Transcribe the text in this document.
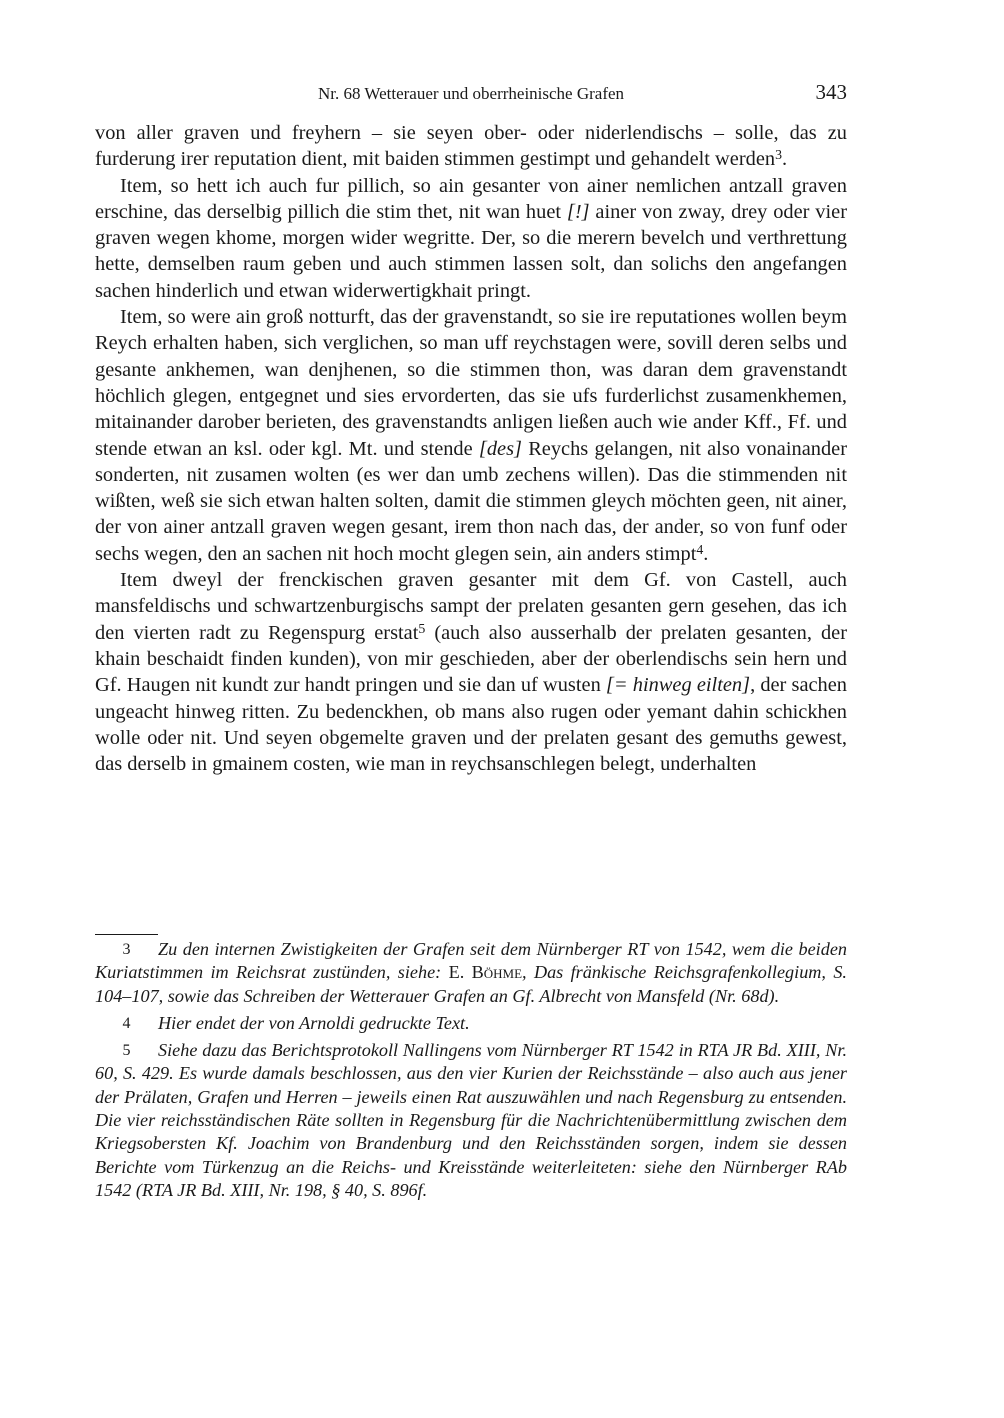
Nr. 68 Wetterauer und oberrheinische Grafen	343

von aller graven und freyhern – sie seyen ober- oder niderlendischs – solle, das zu furderung irer reputation dient, mit baiden stimmen gestimpt und gehandelt werden$^3$.

Item, so hett ich auch fur pillich, so ain gesanter von ainer nemlichen antzall graven erschine, das derselbig pillich die stim thet, nit wan huet [!] ainer von zway, drey oder vier graven wegen khome, morgen wider wegritte. Der, so die merern bevelch und verthrettung hette, demselben raum geben und auch stimmen lassen solt, dan solichs den angefangen sachen hinderlich und etwan widerwertigkhait pringt.

Item, so were ain groß notturft, das der gravenstandt, so sie ire reputationes wollen beym Reych erhalten haben, sich verglichen, so man uff reychstagen were, sovill deren selbs und gesante ankhemen, wan denjhenen, so die stimmen thon, was daran dem gravenstandt höchlich glegen, entgegnet und sies ervorderten, das sie ufs furderlichst zusamenkhemen, mitainander darober berieten, des gravenstandts anligen ließen auch wie ander Kff., Ff. und stende etwan an ksl. oder kgl. Mt. und stende [des] Reychs gelangen, nit also vonainander sonderten, nit zusamen wolten (es wer dan umb zechens willen). Das die stimmenden nit wißten, weß sie sich etwan halten solten, damit die stimmen gleych möchten geen, nit ainer, der von ainer antzall graven wegen gesant, irem thon nach das, der ander, so von funf oder sechs wegen, den an sachen nit hoch mocht glegen sein, ain anders stimpt$^4$.

Item dweyl der frenckischen graven gesanter mit dem Gf. von Castell, auch mansfeldischs und schwartzenburgischs sampt der prelaten gesanten gern gesehen, das ich den vierten radt zu Regenspurg erstat$^5$ (auch also ausserhalb der prelaten gesanten, der khain beschaidt finden kunden), von mir geschieden, aber der oberlendischs sein hern und Gf. Haugen nit kundt zur handt pringen und sie dan uf wusten [= hinweg eilten], der sachen ungeacht hinweg ritten. Zu bedenckhen, ob mans also rugen oder yemant dahin schickhen wolle oder nit. Und seyen obgemelte graven und der prelaten gesant des gemuths gewest, das derselb in gmainem costen, wie man in reychsanschlegen belegt, underhalten

3 Zu den internen Zwistigkeiten der Grafen seit dem Nürnberger RT von 1542, wem die beiden Kuriatstimmen im Reichsrat zustünden, siehe: E. Böhme, Das fränkische Reichsgrafenkollegium, S. 104–107, sowie das Schreiben der Wetterauer Grafen an Gf. Albrecht von Mansfeld (Nr. 68d).

4 Hier endet der von Arnoldi gedruckte Text.

5 Siehe dazu das Berichtsprotokoll Nallingens vom Nürnberger RT 1542 in RTA JR Bd. XIII, Nr. 60, S. 429. Es wurde damals beschlossen, aus den vier Kurien der Reichsstände – also auch aus jener der Prälaten, Grafen und Herren – jeweils einen Rat auszuwählen und nach Regensburg zu entsenden. Die vier reichsständischen Räte sollten in Regensburg für die Nachrichtenübermittlung zwischen dem Kriegsobersten Kf. Joachim von Brandenburg und den Reichsständen sorgen, indem sie dessen Berichte vom Türkenzug an die Reichs- und Kreisstände weiterleiteten: siehe den Nürnberger RAb 1542 (RTA JR Bd. XIII, Nr. 198, § 40, S. 896f.
